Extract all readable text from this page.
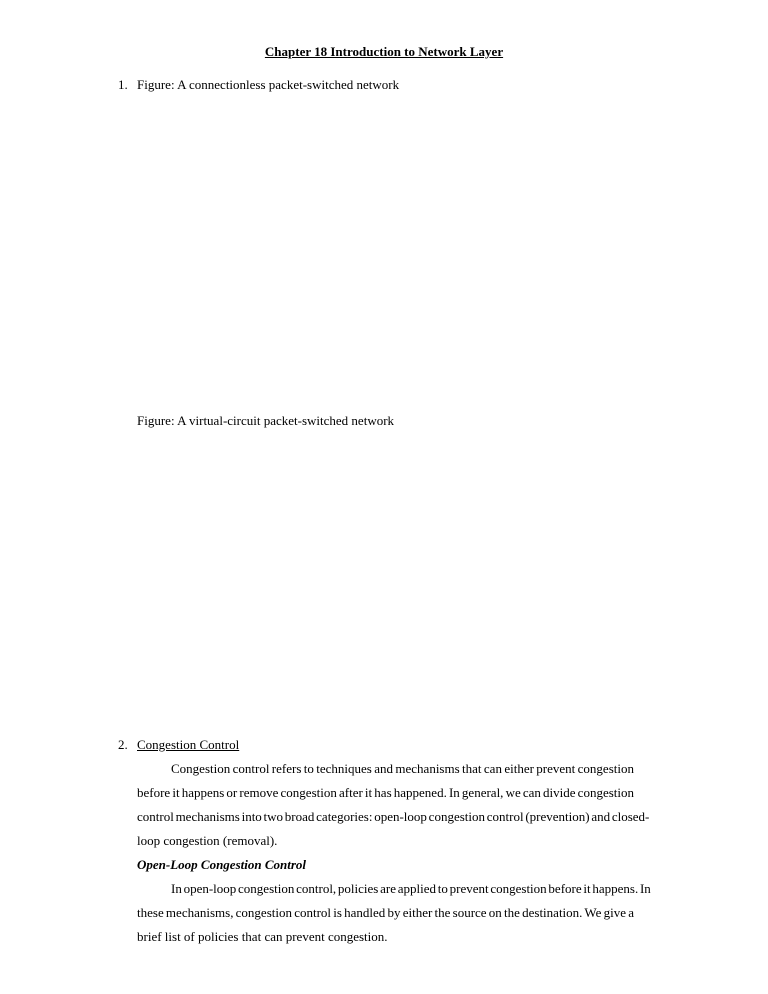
Chapter 18 Introduction to Network Layer
1. Figure: A connectionless packet-switched network
Figure: A virtual-circuit packet-switched network
2. Congestion Control
Congestion control refers to techniques and mechanisms that can either prevent congestion
before it happens or remove congestion after it has happened. In general, we can divide congestion
control mechanisms into two broad categories: open-loop congestion control (prevention) and closed-
loop congestion (removal).
Open-Loop Congestion Control
In open-loop congestion control, policies are applied to prevent congestion before it happens. In
these mechanisms, congestion control is handled by either the source on the destination. We give a
brief list of policies that can prevent congestion.
